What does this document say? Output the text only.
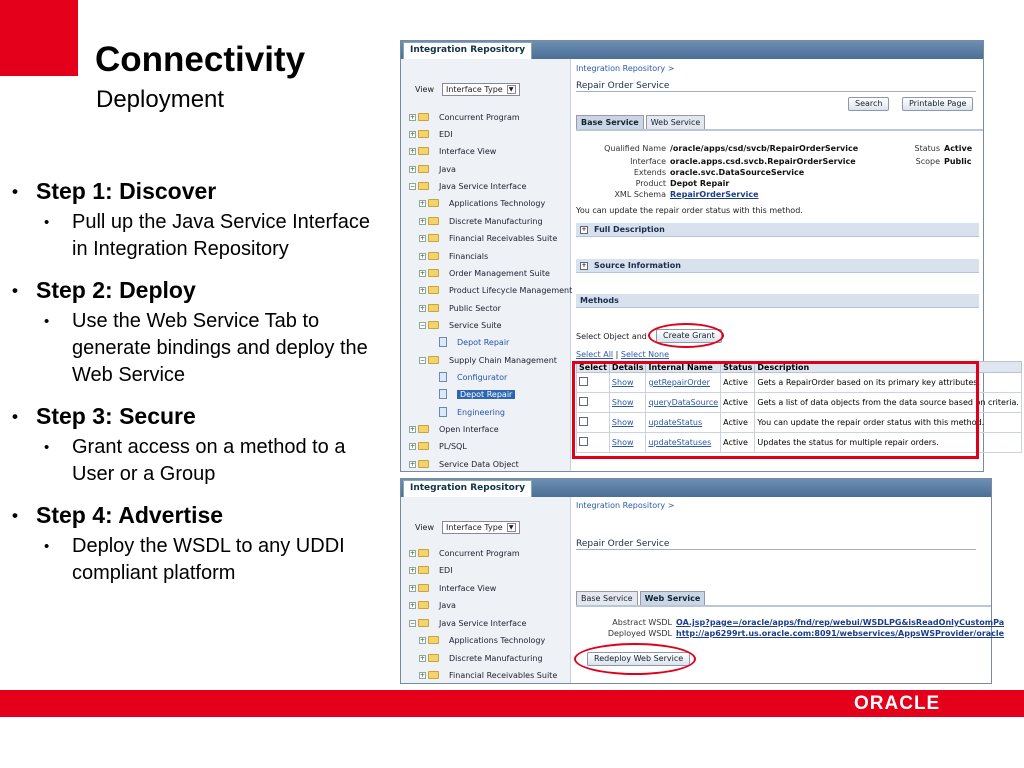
Connectivity
Deployment
• Step 1: Discover
•	Pull up the Java Service Interface in Integration Repository
• Step 2: Deploy
•	Use the Web Service Tab to generate bindings and deploy the Web Service
• Step 3: Secure
•	Grant access on a method to a User or a Group
• Step 4: Advertise
•	Deploy the WSDL to any UDDI compliant platform
Integration Repository
View Interface Type	▼
+	Concurrent Program
+	EDI
+	Interface View
+	Java
−	Java Service Interface
+	Applications Technology
+	Discrete Manufacturing
+	Financial Receivables Suite
+	Financials
+	Order Management Suite
+	Product Lifecycle Management
+	Public Sector
−	Service Suite
Depot Repair
−	Supply Chain Management
Configurator
Depot Repair
Engineering
+	Open Interface
+	PL/SQL
+	Service Data Object
Integration Repository >
Repair Order Service
Search	Printable Page
Base Service	Web Service
Qualified Name /oracle/apps/csd/svcb/RepairOrderService
Interface oracle.apps.csd.svcb.RepairOrderService
Extends oracle.svc.DataSourceService
Product Depot Repair
XML Schema RepairOrderService
Status Active
Scope Public
You can update the repair order status with this method.
+ Full Description
+ Source Information
Methods
Select Object and	Create Grant
Select All | Select None
Select	Details	Internal Name	Status	Description
	Show	getRepairOrder	Active	Gets a RepairOrder based on its primary key attributes.
	Show	queryDataSource	Active	Gets a list of data objects from the data source based on criteria.
	Show	updateStatus	Active	You can update the repair order status with this method.
	Show	updateStatuses	Active	Updates the status for multiple repair orders.
Integration Repository
View Interface Type	▼
+	Concurrent Program
+	EDI
+	Interface View
+	Java
−	Java Service Interface
+	Applications Technology
+	Discrete Manufacturing
+	Financial Receivables Suite
Integration Repository >
Repair Order Service
Base Service	Web Service
Abstract WSDL OA.jsp?page=/oracle/apps/fnd/rep/webui/WSDLPG&isReadOnlyCustomPa
Deployed WSDL http://ap6299rt.us.oracle.com:8091/webservices/AppsWSProvider/oracle
Redeploy Web Service
ORACLE
